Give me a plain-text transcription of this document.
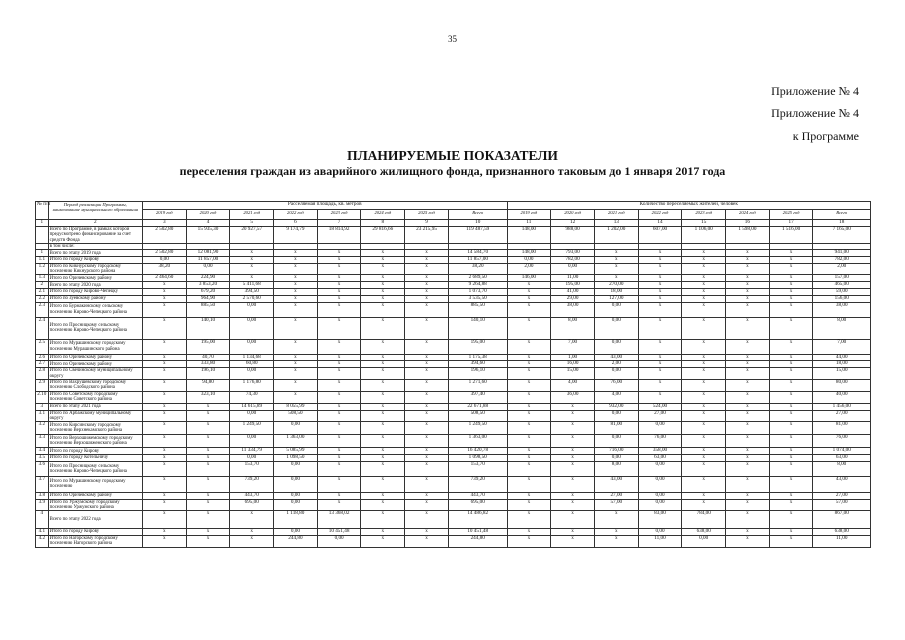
35
Приложение № 4
Приложение № 4
к Программе
ПЛАНИРУЕМЫЕ ПОКАЗАТЕЛИ
переселения граждан из аварийного жилищного фонда, признанного таковым до 1 января 2017 года
№ п/п	Период реализации Программы, наименование муниципального образования	Расселяемая площадь, кв. метров								Количество переселяемых жителей, человек							
		2019 год	2020 год	2021 год	2022 год	2023 год	2024 год	2025 год	Всего	2019 год	2020 год	2021 год	2022 год	2023 год	2024 год	2025 год	Всего
1	2	3	4	5	6	7	8	9	10	11	12	13	14	15	16	17	18
	Всего по Программе, в рамках которой предусмотрено финансирование за счет средств Фонда	2 502,80	15 935,30	20 927,57	9 174,79	18 814,92	29 816,66	23 215,95	119 487,59	148,00	988,00	1 202,00	607,00	1 106,00	1 598,00	1 516,00	7 165,00
	в том числе:																
1	Всего по этапу 2019 года	2 502,80	12 081,90	х	х	х	х	х	14 584,70	148,00	793,00	х	х	х	х	х	941,00
1.1	Итого по городу Кирову	0,00	11 857,00	х	х	х	х	х	11 857,00	0,00	782,00	х	х	х	х	х	782,00
1.2	Итого по Кикнурскому городскому поселению Кикнурского района	38,20	0,00	х	х	х	х	х	38,20	2,00	0,00	х	х	х	х	х	2,00
1.3	Итого по Оричевскому району	2 464,60	224,90	х	х	х	х	х	2 689,50	146,00	11,00	х	х	х	х	х	157,00
2	Всего по этапу 2020 года	х	3 853,20	5 411,68	х	х	х	х	9 264,88	х	195,00	270,00	х	х	х	х	465,00
2.1	Итого по городу Кирово-Чепецку	х	679,20	394,50	х	х	х	х	1 073,70	х	41,00	18,00	х	х	х	х	59,00
2.2	Итого по Зуевскому району	х	964,90	2 570,60	х	х	х	х	3 535,50	х	29,00	127,00	х	х	х	х	156,00
2.3	Итого по Бурмакинскому сельскому поселению Кирово-Чепецкого района	х	885,50	0,00	х	х	х	х	885,50	х	38,00	0,00	х	х	х	х	38,00
2.4	Итого по Просницкому сельскому поселению Кирово-Чепецкого района	х	140,10	0,00	х	х	х	х	140,10	х	8,00	0,00	х	х	х	х	8,00
2.5	Итого по Мурашинскому городскому поселению Мурашинского района	х	195,00	0,00	х	х	х	х	195,00	х	7,00	0,00	х	х	х	х	7,00
2.6	Итого по Оричевскому району	х	40,70	1 134,68	х	х	х	х	1 175,38	х	1,00	43,00	х	х	х	х	44,00
2.7	Итого по Оричевскому району	х	333,80	60,80	х	х	х	х	394,60	х	16,00	2,00	х	х	х	х	18,00
2.8	Итого по Свечинскому муниципальному округу	х	196,10	0,00	х	х	х	х	196,10	х	15,00	0,00	х	х	х	х	15,00
2.9	Итого по Вахрушевскому городскому поселению Слободского района	х	94,80	1 176,80	х	х	х	х	1 271,60	х	4,00	76,00	х	х	х	х	80,00
2.10	Итого по Советскому городскому поселению Советского района	х	323,10	74,30	х	х	х	х	397,40	х	36,00	4,00	х	х	х	х	40,00
3	Всего по этапу 2021 года	х	х	14 615,89	8 055,99	х	х	х	22 671,88	х	х	932,00	524,00	х	х	х	1 456,00
3.1	Итого по Арбажскому муниципальному округу	х	х	0,00	508,50	х	х	х	508,50	х	х	0,00	27,00	х	х	х	27,00
3.2	Итого по Кирсинскому городскому поселению Верхнекамского района	х	х	1 249,50	0,00	х	х	х	1 249,50	х	х	81,00	0,00	х	х	х	81,00
3.3	Итого по Верхошижемскому городскому поселению Верхошижемского района	х	х	0,00	1 363,00	х	х	х	1 363,00	х	х	0,00	76,00	х	х	х	76,00
3.4	Итого по городу Кирову	х	х	11 334,79	5 085,99	х	х	х	16 420,78	х	х	716,00	358,00	х	х	х	1 074,00
3.5	Итого по городу Котельничу	х	х	0,00	1 098,50	х	х	х	1 098,50	х	х	0,00	63,00	х	х	х	63,00
3.6	Итого по Просницкому сельскому поселению Кирово-Чепецкого района	х	х	153,70	0,00	х	х	х	153,70	х	х	8,00	0,00	х	х	х	8,00
3.7	Итого по Мурашинскому городскому поселению	х	х	739,20	0,00	х	х	х	739,20	х	х	43,00	0,00	х	х	х	43,00
3.8	Итого по Оричевскому району	х	х	443,70	0,00	х	х	х	443,70	х	х	27,00	0,00	х	х	х	27,00
3.9	Итого по Уржумскому городскому поселению Уржумского района	х	х	695,00	0,00	х	х	х	695,00	х	х	57,00	0,00	х	х	х	57,00
4	Всего по этапу 2022 года	х	х	х	1 118,80	13 368,02	х	х	14 486,82	х	х	х	83,00	784,00	х	х	867,00
4.1	Итого по городу Кирову	х	х	х	0,00	10 451,48	х	х	10 451,48	х	х	х	0,00	638,00	х	х	638,00
4.2	Итого по Нагорскому городскому поселению Нагорского района	х	х	х	244,80	0,00	х	х	244,80	х	х	х	11,00	0,00	х	х	11,00
